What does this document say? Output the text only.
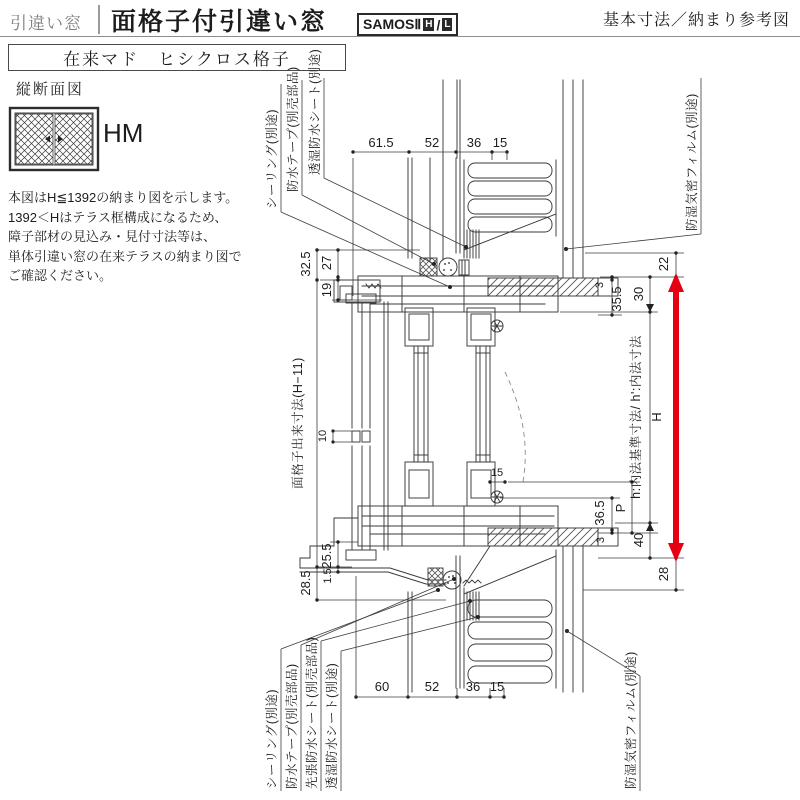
引違い窓 面格子付引違い窓	SAMOSⅡ H / L	基本寸法／納まり参考図
在来マド　ヒシクロス格子
縦断面図
本図はH≦1392の納まり図を示します。
1392＜Hはテラス框構成になるため、
障子部材の見込み・見付寸法等は、
単体引違い窓の在来テラスの納まり図で
ご確認ください。
HM	61.5 52 36 15
60	52 36 15
32.5 27
19
10
25.5
1.5
28.5
面格子出来寸法(H−11)
22
30
3
35.5
15
P
36.5
3 40
28
h:内法基準寸法/ h':内法寸法 H
シーリング(別途) 防水テープ(別売部品) 透湿防水シート(別途)	防湿気密フィルム(別途)
シーリング(別途) 防水テープ(別売部品) 先張防水シート(別売部品) 透湿防水シート(別途)	防湿気密フィルム(別途)
